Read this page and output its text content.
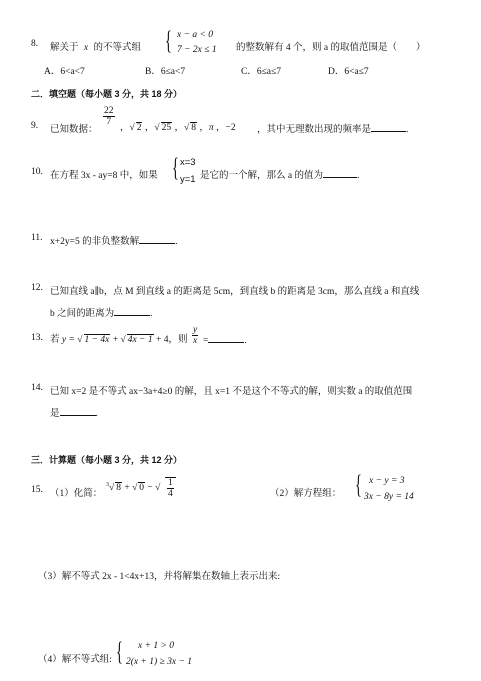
8. 解关于 x 的不等式组 { x − a < 0
7 − 2x ≤ 1 的整数解有 4 个，则 a 的取值范围是（　　）
A．6<a<7	B．6≤a<7	C．6≤a≤7	D．6<a≤7
二．填空题（每小题 3 分，共 18 分）
9. 已知数据：
$\frac{22}{7}$
，√ 2 ，√ 25 ，√ 8 ，π ，−2 ，其中无理数出现的频率是	.
10. 在方程 3x - ay=8 中，如果 { x=3
y=1 是它的一个解，那么 a 的值为	.
11. x+2y=5 的非负整数解	.
12. 已知直线 a∥b，点 M 到直线 a 的距离是 5cm，到直线 b 的距离是 3cm，那么直线 a 和直线
b 之间的距离为	.
13. 若 y = √ 1 − 4x + √ 4x − 1 + 4，则 $\frac{y}{x}$ =	.
14. 已知 x=2 是不等式 ax−3a+4≥0 的解，且 x=1 不是这个不等式的解，则实数 a 的取值范围
是	.
三．计算题（每小题 3 分，共 12 分）
15. （1）化简：
$^3$√ 8 + √ 0 − √ $\frac{1}{4}$	（2）解方程组： { x − y = 3
3x − 8y = 14
（3）解不等式 2x - 1<4x+13，并将解集在数轴上表示出来:
（4）解不等式组: { x + 1 > 0
2(x + 1) ≥ 3x − 1
